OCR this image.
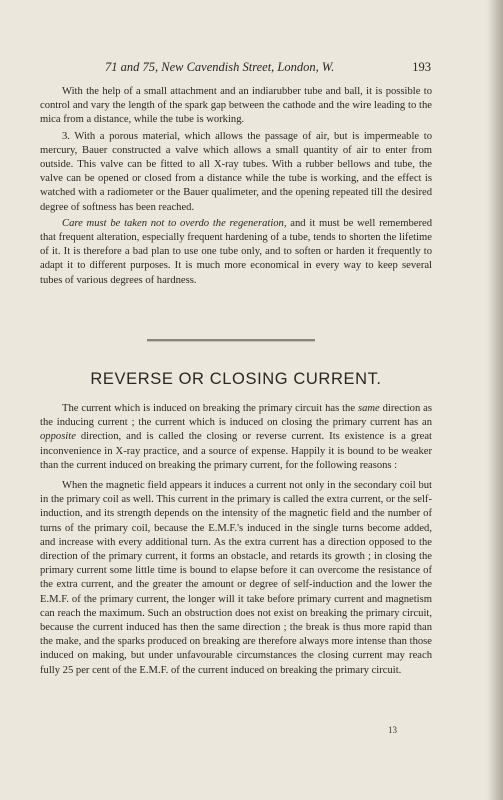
71 and 75, New Cavendish Street, London, W.	193

With the help of a small attachment and an indiarubber tube and ball, it is possible to control and vary the length of the spark gap between the cathode and the wire leading to the mica from a distance, while the tube is working.

3. With a porous material, which allows the passage of air, but is impermeable to mercury, Bauer constructed a valve which allows a small quantity of air to enter from outside. This valve can be fitted to all X-ray tubes. With a rubber bellows and tube, the valve can be opened or closed from a distance while the tube is working, and the effect is watched with a radiometer or the Bauer qualimeter, and the opening repeated till the desired degree of softness has been reached.

Care must be taken not to overdo the regeneration, and it must be well remembered that frequent alteration, especially frequent hardening of a tube, tends to shorten the lifetime of it. It is therefore a bad plan to use one tube only, and to soften or harden it frequently to adapt it to different purposes. It is much more economical in every way to keep several tubes of various degrees of hardness.

REVERSE OR CLOSING CURRENT.

The current which is induced on breaking the primary circuit has the same direction as the inducing current ; the current which is induced on closing the primary current has an opposite direction, and is called the closing or reverse current. Its existence is a great inconvenience in X-ray practice, and a source of expense. Happily it is bound to be weaker than the current induced on breaking the primary current, for the following reasons :

When the magnetic field appears it induces a current not only in the secondary coil but in the primary coil as well. This current in the primary is called the extra current, or the self-induction, and its strength depends on the intensity of the magnetic field and the number of turns of the primary coil, because the E.M.F.'s induced in the single turns become added, and increase with every additional turn. As the extra current has a direction opposed to the direction of the primary current, it forms an obstacle, and retards its growth ; in closing the primary current some little time is bound to elapse before it can overcome the resistance of the extra current, and the greater the amount or degree of self-induction and the lower the E.M.F. of the primary current, the longer will it take before primary current and magnetism can reach the maximum. Such an obstruction does not exist on breaking the primary circuit, because the current induced has then the same direction ; the break is thus more rapid than the make, and the sparks produced on breaking are therefore always more intense than those induced on making, but under unfavourable circumstances the closing current may reach fully 25 per cent of the E.M.F. of the current induced on breaking the primary circuit.

13
